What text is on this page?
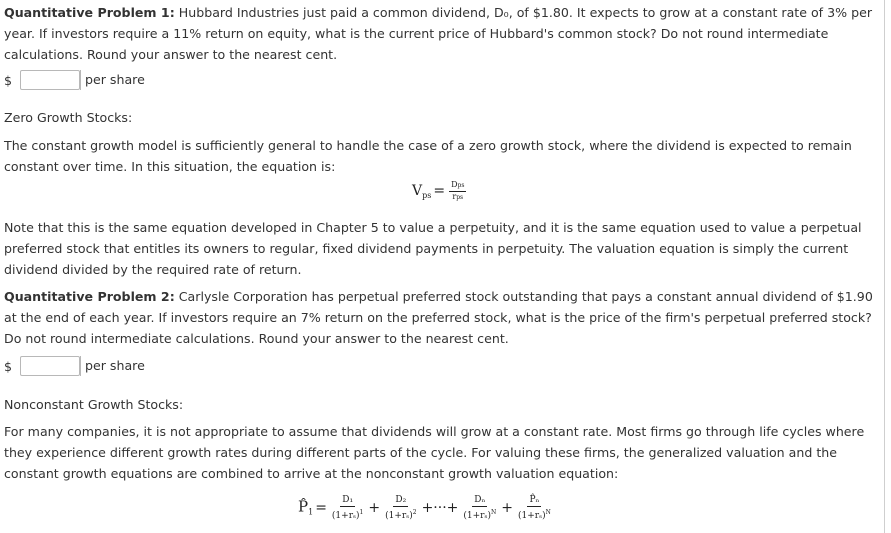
Quantitative Problem 1: Hubbard Industries just paid a common dividend, D₀, of $1.80. It expects to grow at a constant rate of 3% per year. If investors require a 11% return on equity, what is the current price of Hubbard's common stock? Do not round intermediate calculations. Round your answer to the nearest cent.

$	per share

Zero Growth Stocks:

The constant growth model is sufficiently general to handle the case of a zero growth stock, where the dividend is expected to remain constant over time. In this situation, the equation is:

$V_{ps} = \frac{\text{Dps}}{\text{rps}}$

Note that this is the same equation developed in Chapter 5 to value a perpetuity, and it is the same equation used to value a perpetual preferred stock that entitles its owners to regular, fixed dividend payments in perpetuity. The valuation equation is simply the current dividend divided by the required rate of return.

Quantitative Problem 2: Carlysle Corporation has perpetual preferred stock outstanding that pays a constant annual dividend of $1.90 at the end of each year. If investors require an 7% return on the preferred stock, what is the price of the firm's perpetual preferred stock? Do not round intermediate calculations. Round your answer to the nearest cent.

$	per share

Nonconstant Growth Stocks:

For many companies, it is not appropriate to assume that dividends will grow at a constant rate. Most firms go through life cycles where they experience different growth rates during different parts of the cycle. For valuing these firms, the generalized valuation and the constant growth equations are combined to arrive at the nonconstant growth valuation equation:

$P̂_1 = \frac{\text{D₁}}{(1+r_s)^1} + \frac{\text{D₂}}{(1+r_s)^2}$ +···+ $\frac{\text{Dₙ}}{(1+r_s)^N} + \frac{\text{P̂ₙ}}{(1+r_s)^N}$
